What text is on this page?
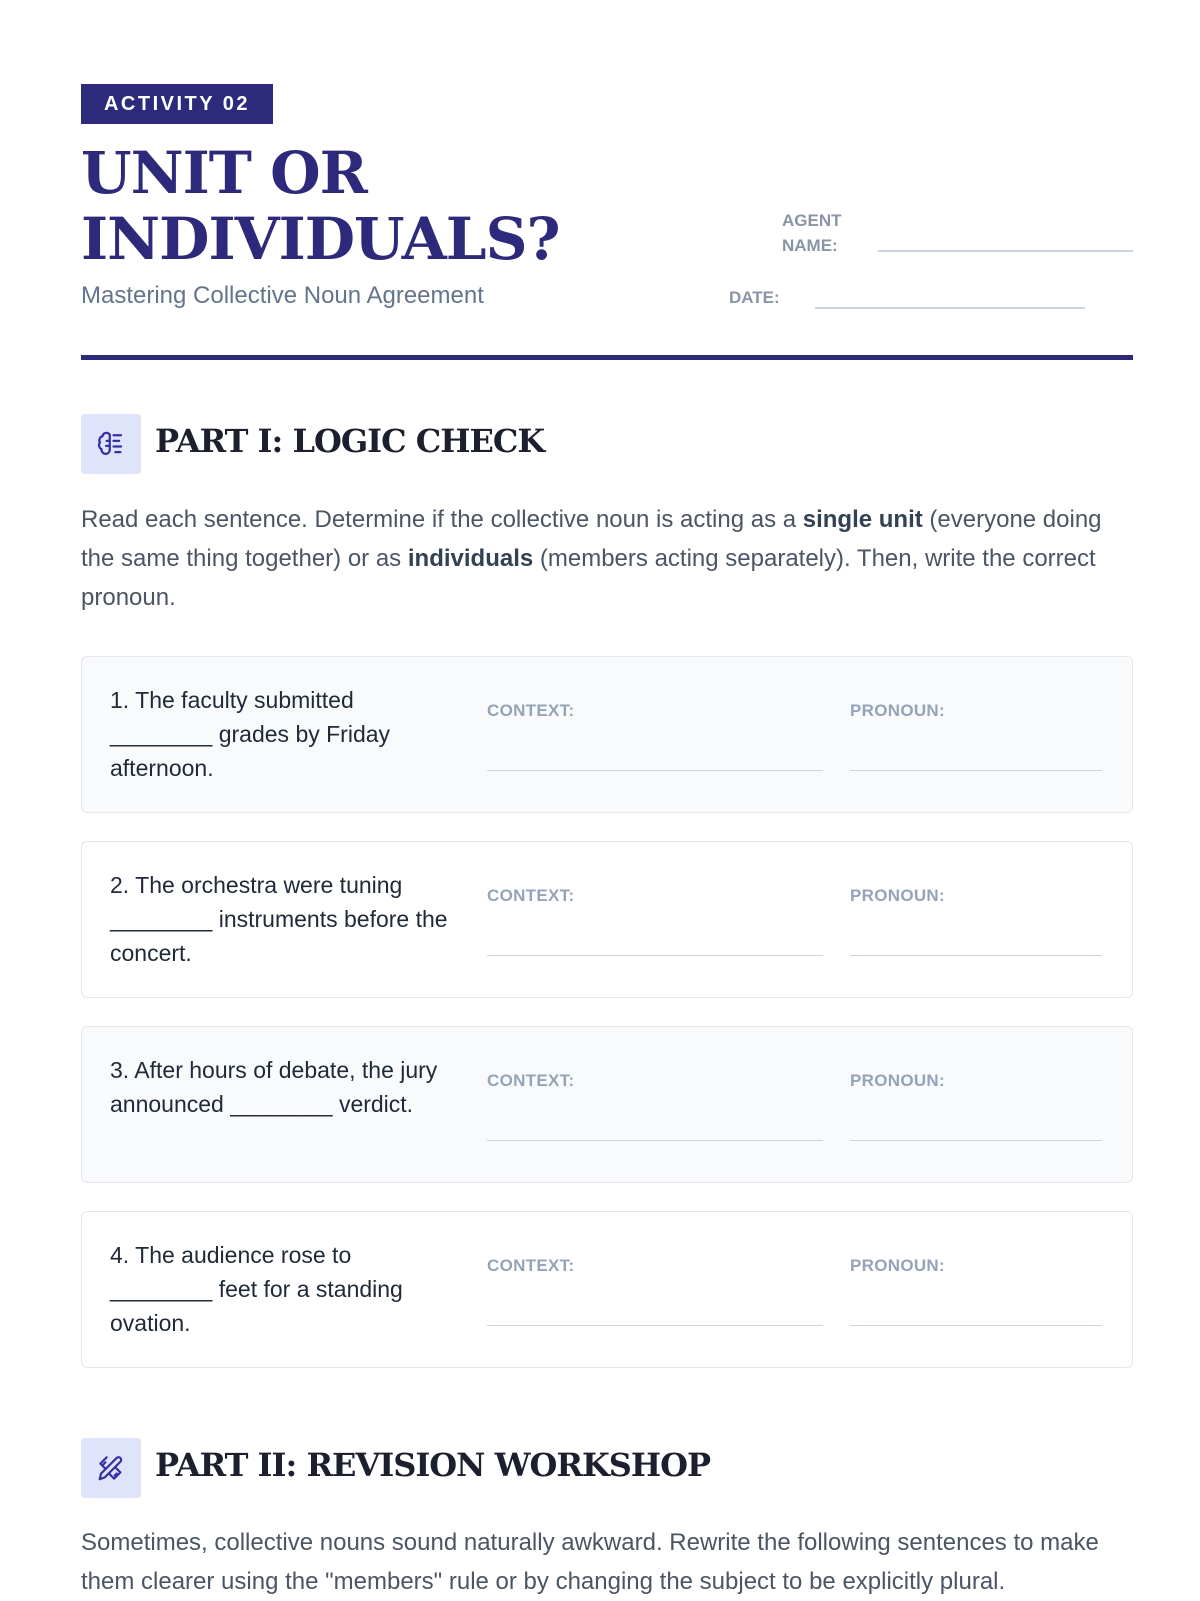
ACTIVITY 02
UNIT OR
INDIVIDUALS?
Mastering Collective Noun Agreement
AGENT
NAME:
DATE:
PART I: LOGIC CHECK
Read each sentence. Determine if the collective noun is acting as a single unit (everyone doing the same thing together) or as individuals (members acting separately). Then, write the correct pronoun.
1. The faculty submitted ________ grades by Friday afternoon.
CONTEXT:	PRONOUN:
2. The orchestra were tuning ________ instruments before the concert.
CONTEXT:	PRONOUN:
3. After hours of debate, the jury announced ________ verdict.
CONTEXT:	PRONOUN:
4. The audience rose to ________ feet for a standing ovation.
CONTEXT:	PRONOUN:
PART II: REVISION WORKSHOP
Sometimes, collective nouns sound naturally awkward. Rewrite the following sentences to make them clearer using the "members" rule or by changing the subject to be explicitly plural.
